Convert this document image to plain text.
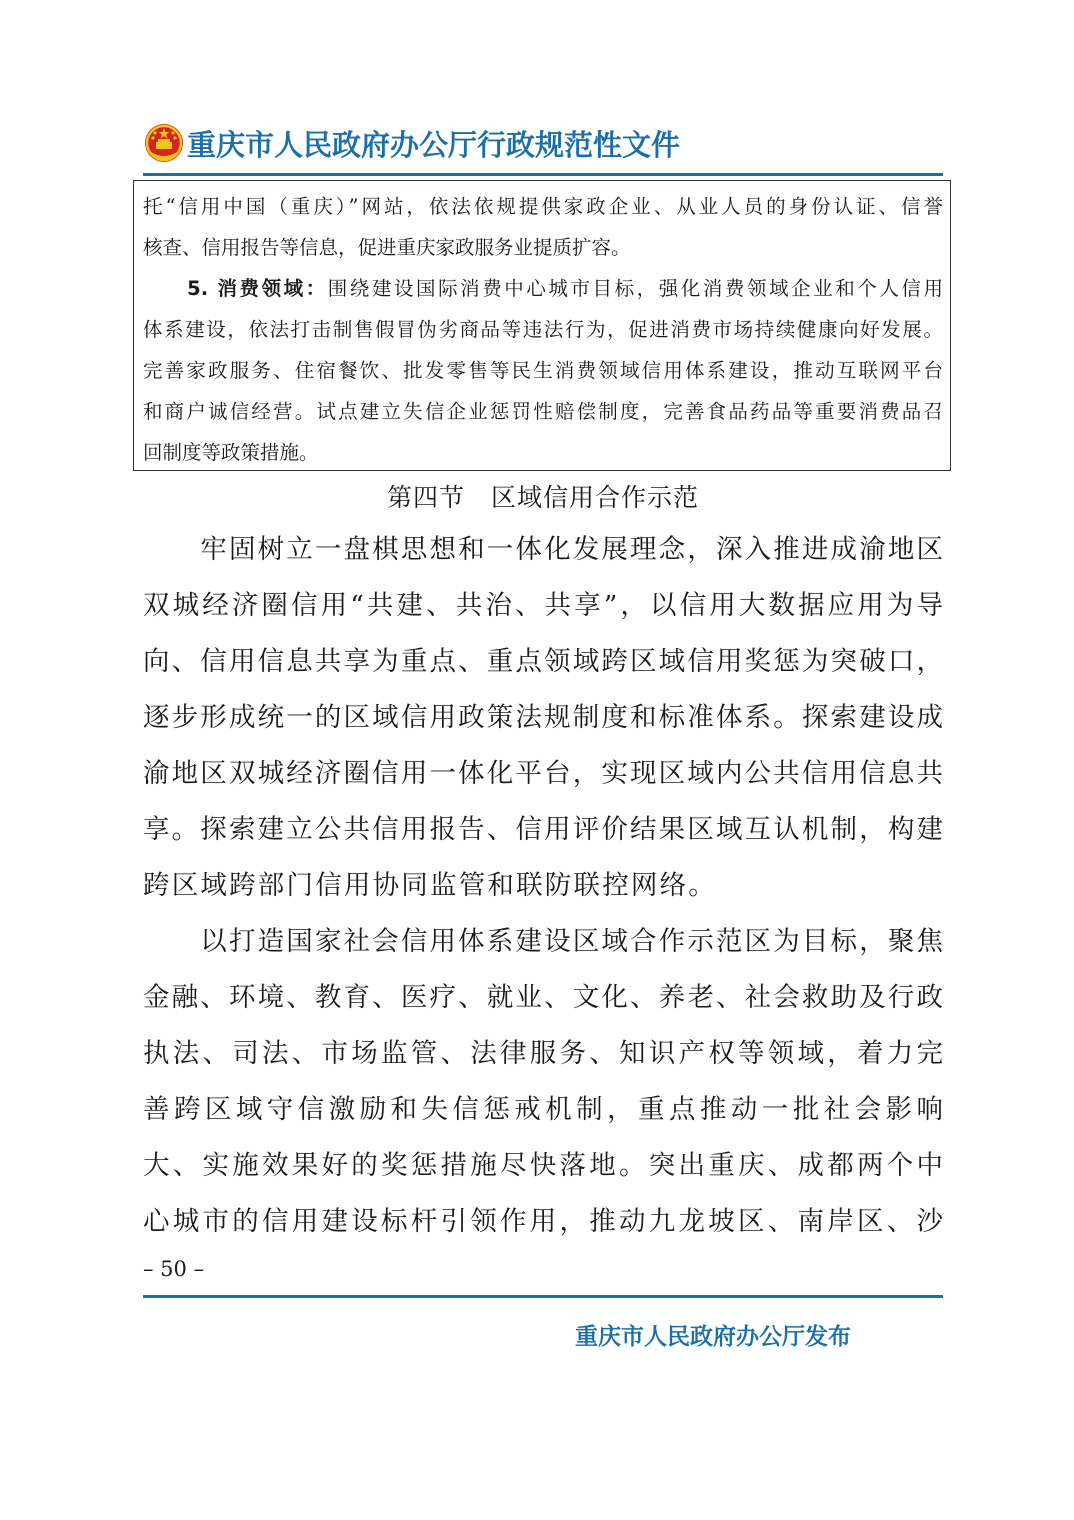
重庆市人民政府办公厅行政规范性文件
托“信用中国（重庆）”网站，依法依规提供家政企业、从业人员的身份认证、信誉
核查、信用报告等信息，促进重庆家政服务业提质扩容。
　　5. 消费领域：围绕建设国际消费中心城市目标，强化消费领域企业和个人信用
体系建设，依法打击制售假冒伪劣商品等违法行为，促进消费市场持续健康向好发展。
完善家政服务、住宿餐饮、批发零售等民生消费领域信用体系建设，推动互联网平台
和商户诚信经营。试点建立失信企业惩罚性赔偿制度，完善食品药品等重要消费品召
回制度等政策措施。
第四节　区域信用合作示范
　　牢固树立一盘棋思想和一体化发展理念，深入推进成渝地区
双城经济圈信用“共建、共治、共享”，以信用大数据应用为导
向、信用信息共享为重点、重点领域跨区域信用奖惩为突破口，
逐步形成统一的区域信用政策法规制度和标准体系。探索建设成
渝地区双城经济圈信用一体化平台，实现区域内公共信用信息共
享。探索建立公共信用报告、信用评价结果区域互认机制，构建
跨区域跨部门信用协同监管和联防联控网络。
　　以打造国家社会信用体系建设区域合作示范区为目标，聚焦
金融、环境、教育、医疗、就业、文化、养老、社会救助及行政
执法、司法、市场监管、法律服务、知识产权等领域，着力完
善跨区域守信激励和失信惩戒机制，重点推动一批社会影响
大、实施效果好的奖惩措施尽快落地。突出重庆、成都两个中
心城市的信用建设标杆引领作用，推动九龙坡区、南岸区、沙
– 50 –
重庆市人民政府办公厅发布
